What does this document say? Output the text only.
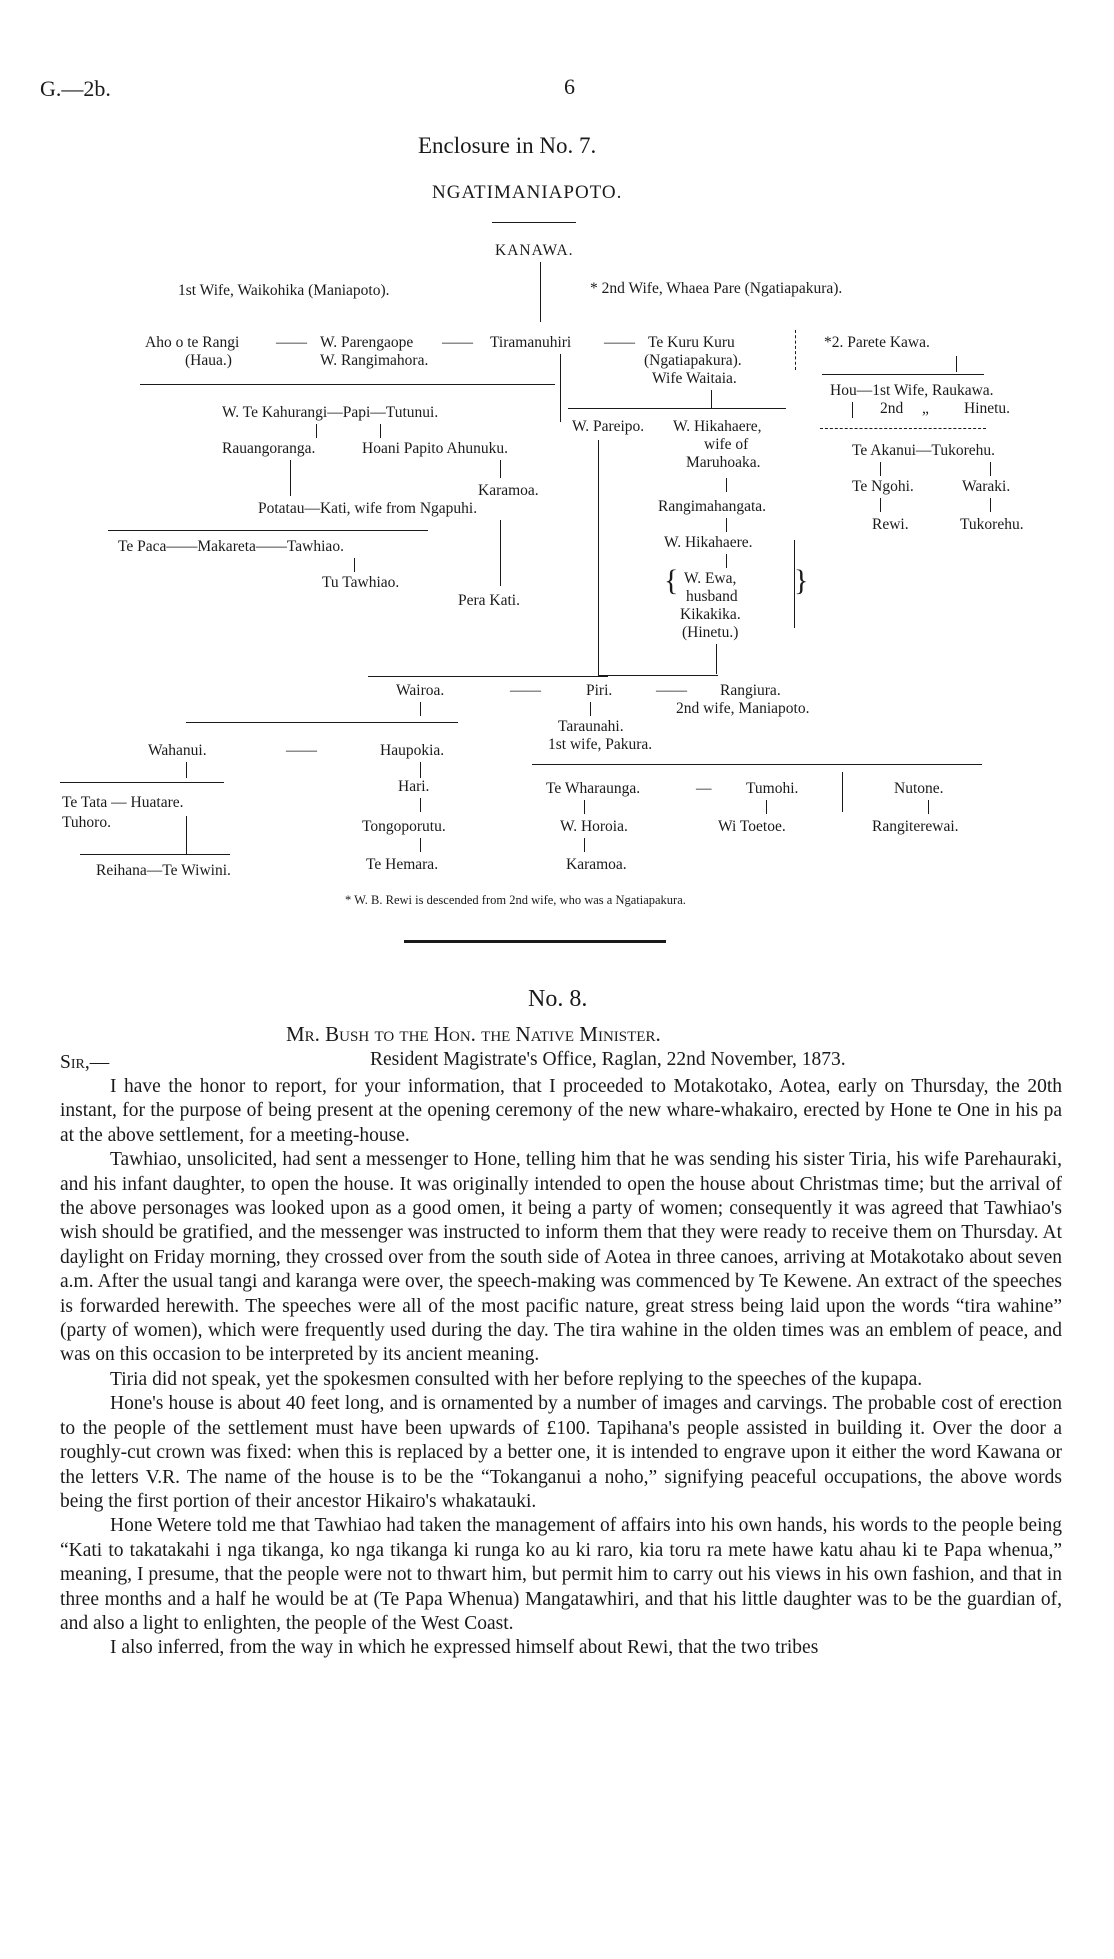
G.—2b.	6
Enclosure in No. 7.
NGATIMANIAPOTO.
KANAWA.
1st Wife, Waikohika (Maniapoto).	* 2nd Wife, Whaea Pare (Ngatiapakura).
Aho o te Rangi
(Haua.)
—— W. Parengaope —— Tiramanuhiri —— Te Kuru Kuru
(Ngatiapakura).
Wife Waitaia.
W. Rangimahora.
W. Te Kahurangi—Papi—Tutunui.
Rauangoranga.	Hoani Papito Ahunuku.
Karamoa.
Potatau—Kati, wife from Ngapuhi.
Te Paca——Makareta——Tawhiao.
Tu Tawhiao.
Pera Kati.
W. Pareipo. W. Hikahaere,
wife of
Maruhoaka.
Rangimahangata.
W. Hikahaere.
{ W. Ewa,
husband
Kikakika.
}
(Hinetu.)
*2. Parete Kawa.
Hou—1st Wife, Raukawa.
2nd „ Hinetu.
Te Akanui—Tukorehu.
Te Ngohi.	Waraki.
Rewi.	Tukorehu.
Wairoa.	——	Piri.	—— Rangiura.
2nd wife, Maniapoto.
Taraunahi.
1st wife, Pakura.
Wahanui.	——	Haupokia.
Te Tata — Huatare.
Tuhoro.
Reihana—Te Wiwini.
Hari.
Tongoporutu.
Te Hemara.
Te Wharaunga.	— Tumohi.	Nutone.
W. Horoia.	Wi Toetoe.	Rangiterewai.
Karamoa.
* W. B. Rewi is descended from 2nd wife, who was a Ngatiapakura.
No. 8.
Mr. Bush to the Hon. the Native Minister.
Sir,—	Resident Magistrate's Office, Raglan, 22nd November, 1873.

I have the honor to report, for your information, that I proceeded to Motakotako, Aotea, early on Thursday, the 20th instant, for the purpose of being present at the opening ceremony of the new whare-whakairo, erected by Hone te One in his pa at the above settlement, for a meeting-house.

Tawhiao, unsolicited, had sent a messenger to Hone, telling him that he was sending his sister Tiria, his wife Parehauraki, and his infant daughter, to open the house. It was originally intended to open the house about Christmas time; but the arrival of the above personages was looked upon as a good omen, it being a party of women; consequently it was agreed that Tawhiao's wish should be gratified, and the messenger was instructed to inform them that they were ready to receive them on Thursday. At daylight on Friday morning, they crossed over from the south side of Aotea in three canoes, arriving at Motakotako about seven a.m. After the usual tangi and karanga were over, the speech-making was commenced by Te Kewene. An extract of the speeches is forwarded herewith. The speeches were all of the most pacific nature, great stress being laid upon the words “tira wahine” (party of women), which were frequently used during the day. The tira wahine in the olden times was an emblem of peace, and was on this occasion to be interpreted by its ancient meaning.

Tiria did not speak, yet the spokesmen consulted with her before replying to the speeches of the kupapa.

Hone's house is about 40 feet long, and is ornamented by a number of images and carvings. The probable cost of erection to the people of the settlement must have been upwards of £100. Tapihana's people assisted in building it. Over the door a roughly-cut crown was fixed: when this is replaced by a better one, it is intended to engrave upon it either the word Kawana or the letters V.R. The name of the house is to be the “Tokanganui a noho,” signifying peaceful occupations, the above words being the first portion of their ancestor Hikairo's whakatauki.

Hone Wetere told me that Tawhiao had taken the management of affairs into his own hands, his words to the people being “Kati to takatakahi i nga tikanga, ko nga tikanga ki runga ko au ki raro, kia toru ra mete hawe katu ahau ki te Papa whenua,” meaning, I presume, that the people were not to thwart him, but permit him to carry out his views in his own fashion, and that in three months and a half he would be at (Te Papa Whenua) Mangatawhiri, and that his little daughter was to be the guardian of, and also a light to enlighten, the people of the West Coast.

I also inferred, from the way in which he expressed himself about Rewi, that the two tribes
